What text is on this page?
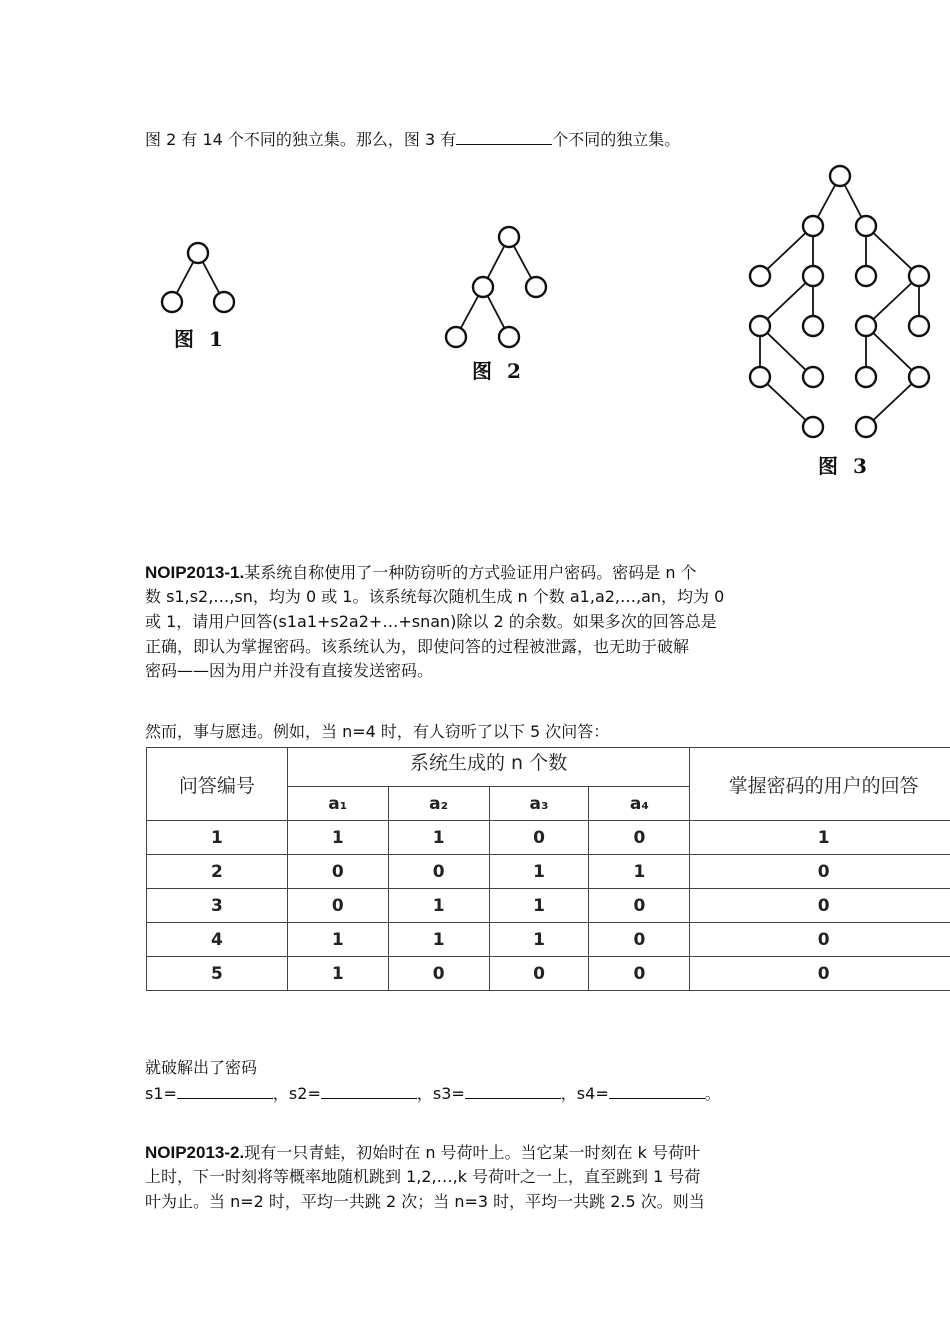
图 2 有 14 个不同的独立集。那么，图 3 有	个不同的独立集。
图 1
图 2
图 3
NOIP2013-1.某系统自称使用了一种防窃听的方式验证用户密码。密码是 n 个
数 s1,s2,…,sn，均为 0 或 1。该系统每次随机生成 n 个数 a1,a2,…,an，均为 0
或 1，请用户回答(s1a1+s2a2+…+snan)除以 2 的余数。如果多次的回答总是
正确，即认为掌握密码。该系统认为，即使问答的过程被泄露，也无助于破解
密码——因为用户并没有直接发送密码。
然而，事与愿违。例如，当 n=4 时，有人窃听了以下 5 次问答：
问答编号	系统生成的 n 个数				掌握密码的用户的回答
	a₁	a₂	a₃	a₄	
1	1	1	0	0	1
2	0	0	1	1	0
3	0	1	1	0	0
4	1	1	1	0	0
5	1	0	0	0	0
就破解出了密码
s1=	，s2=	，s3=	，s4=	。
NOIP2013-2.现有一只青蛙，初始时在 n 号荷叶上。当它某一时刻在 k 号荷叶
上时，下一时刻将等概率地随机跳到 1,2,…,k 号荷叶之一上，直至跳到 1 号荷
叶为止。当 n=2 时，平均一共跳 2 次；当 n=3 时，平均一共跳 2.5 次。则当
